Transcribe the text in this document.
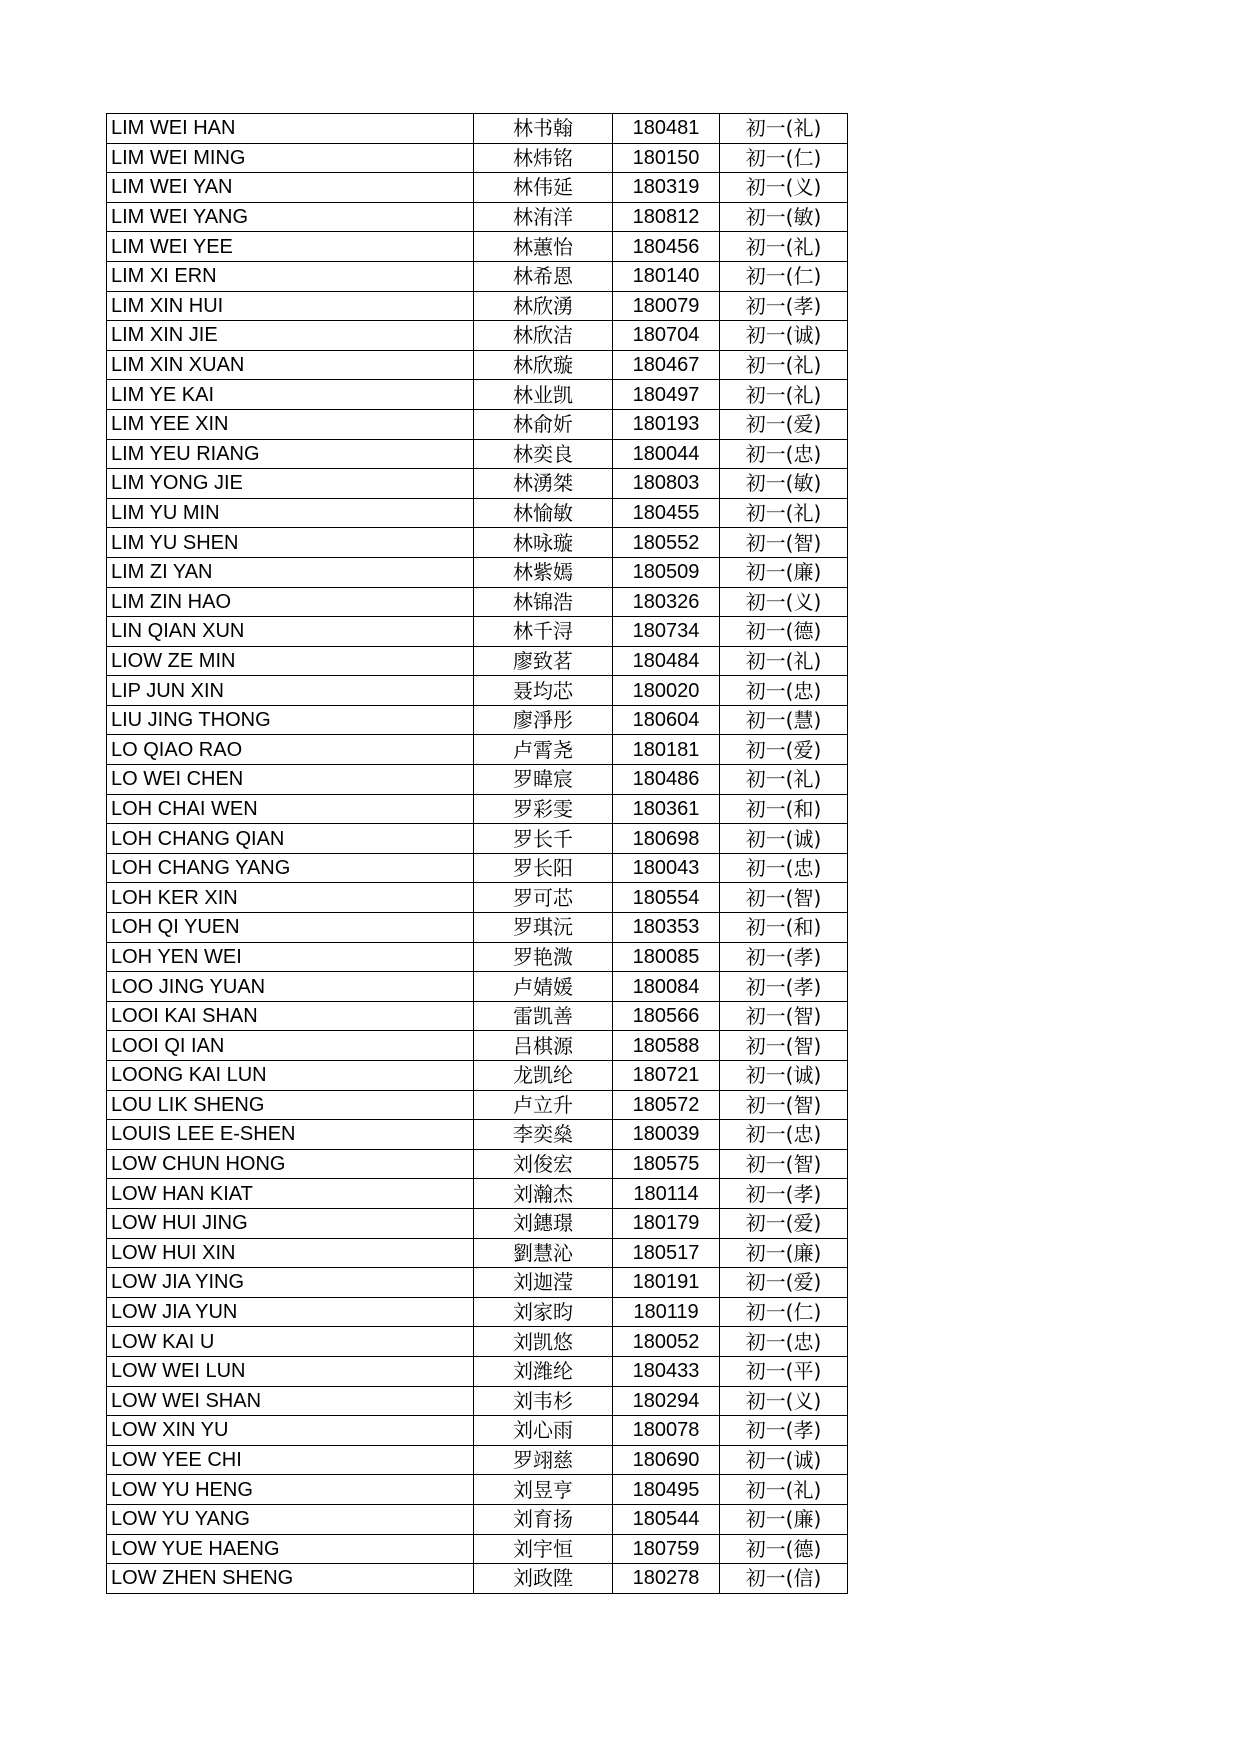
LIM WEI HAN	林书翰	180481	初一(礼)
LIM WEI MING	林炜铭	180150	初一(仁)
LIM WEI YAN	林伟延	180319	初一(义)
LIM WEI YANG	林洧洋	180812	初一(敏)
LIM WEI YEE	林蕙怡	180456	初一(礼)
LIM XI ERN	林希恩	180140	初一(仁)
LIM XIN HUI	林欣湧	180079	初一(孝)
LIM XIN JIE	林欣洁	180704	初一(诚)
LIM XIN XUAN	林欣璇	180467	初一(礼)
LIM YE KAI	林业凯	180497	初一(礼)
LIM YEE XIN	林俞妡	180193	初一(爱)
LIM YEU RIANG	林奕良	180044	初一(忠)
LIM YONG JIE	林湧桀	180803	初一(敏)
LIM YU MIN	林愉敏	180455	初一(礼)
LIM YU SHEN	林咏璇	180552	初一(智)
LIM ZI YAN	林紫嫣	180509	初一(廉)
LIM ZIN HAO	林锦浩	180326	初一(义)
LIN QIAN XUN	林千浔	180734	初一(德)
LIOW ZE MIN	廖致茗	180484	初一(礼)
LIP JUN XIN	聂均芯	180020	初一(忠)
LIU JING THONG	廖淨彤	180604	初一(慧)
LO QIAO RAO	卢霄尧	180181	初一(爱)
LO WEI CHEN	罗暐宸	180486	初一(礼)
LOH CHAI WEN	罗彩雯	180361	初一(和)
LOH CHANG QIAN	罗长千	180698	初一(诚)
LOH CHANG YANG	罗长阳	180043	初一(忠)
LOH KER XIN	罗可芯	180554	初一(智)
LOH QI YUEN	罗琪沅	180353	初一(和)
LOH YEN WEI	罗艳溦	180085	初一(孝)
LOO JING YUAN	卢婧媛	180084	初一(孝)
LOOI KAI SHAN	雷凯善	180566	初一(智)
LOOI QI IAN	吕棋源	180588	初一(智)
LOONG KAI LUN	龙凯纶	180721	初一(诚)
LOU LIK SHENG	卢立升	180572	初一(智)
LOUIS LEE E-SHEN	李奕燊	180039	初一(忠)
LOW CHUN HONG	刘俊宏	180575	初一(智)
LOW HAN KIAT	刘瀚杰	180114	初一(孝)
LOW HUI JING	刘鏸璟	180179	初一(爱)
LOW HUI XIN	劉慧沁	180517	初一(廉)
LOW JIA YING	刘迦滢	180191	初一(爱)
LOW JIA YUN	刘家昀	180119	初一(仁)
LOW KAI U	刘凯悠	180052	初一(忠)
LOW WEI LUN	刘潍纶	180433	初一(平)
LOW WEI SHAN	刘韦杉	180294	初一(义)
LOW XIN YU	刘心雨	180078	初一(孝)
LOW YEE CHI	罗翊慈	180690	初一(诚)
LOW YU HENG	刘昱亨	180495	初一(礼)
LOW YU YANG	刘育扬	180544	初一(廉)
LOW YUE HAENG	刘宇恒	180759	初一(德)
LOW ZHEN SHENG	刘政陞	180278	初一(信)
